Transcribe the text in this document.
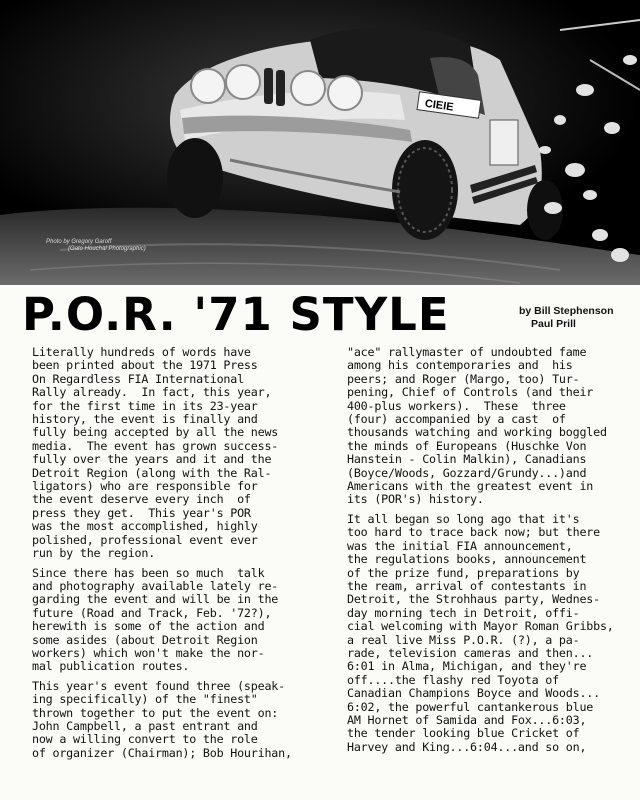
CIEIE
Photo by Gregory Garoff
(Gato Houchal Photographic)
P.O.R. '71 STYLE	by Bill Stephenson
Paul Prill

Literally hundreds of words have
been printed about the 1971 Press
On Regardless FIA International
Rally already.  In fact, this year,
for the first time in its 23-year
history, the event is finally and
fully being accepted by all the news
media.  The event has grown success-
fully over the years and it and the
Detroit Region (along with the Ral-
ligators) who are responsible for
the event deserve every inch  of
press they get.  This year's POR
was the most accomplished, highly
polished, professional event ever
run by the region.

Since there has been so much  talk
and photography available lately re-
garding the event and will be in the
future (Road and Track, Feb. '72?),
herewith is some of the action and
some asides (about Detroit Region
workers) which won't make the nor-
mal publication routes.

This year's event found three (speak-
ing specifically) of the "finest"
thrown together to put the event on:
John Campbell, a past entrant and
now a willing convert to the role
of organizer (Chairman); Bob Hourihan,

"ace" rallymaster of undoubted fame
among his contemporaries and  his
peers; and Roger (Margo, too) Tur-
pening, Chief of Controls (and their
400-plus workers).  These  three
(four) accompanied by a cast  of
thousands watching and working boggled
the minds of Europeans (Huschke Von
Hanstein - Colin Malkin), Canadians
(Boyce/Woods, Gozzard/Grundy...)and
Americans with the greatest event in
its (POR's) history.

It all began so long ago that it's
too hard to trace back now; but there
was the initial FIA announcement,
the regulations books, announcement
of the prize fund, preparations by
the ream, arrival of contestants in
Detroit, the Strohhaus party, Wednes-
day morning tech in Detroit, offi-
cial welcoming with Mayor Roman Gribbs,
a real live Miss P.O.R. (?), a pa-
rade, television cameras and then...
6:01 in Alma, Michigan, and they're
off....the flashy red Toyota of
Canadian Champions Boyce and Woods...
6:02, the powerful cantankerous blue
AM Hornet of Samida and Fox...6:03,
the tender looking blue Cricket of
Harvey and King...6:04...and so on,
